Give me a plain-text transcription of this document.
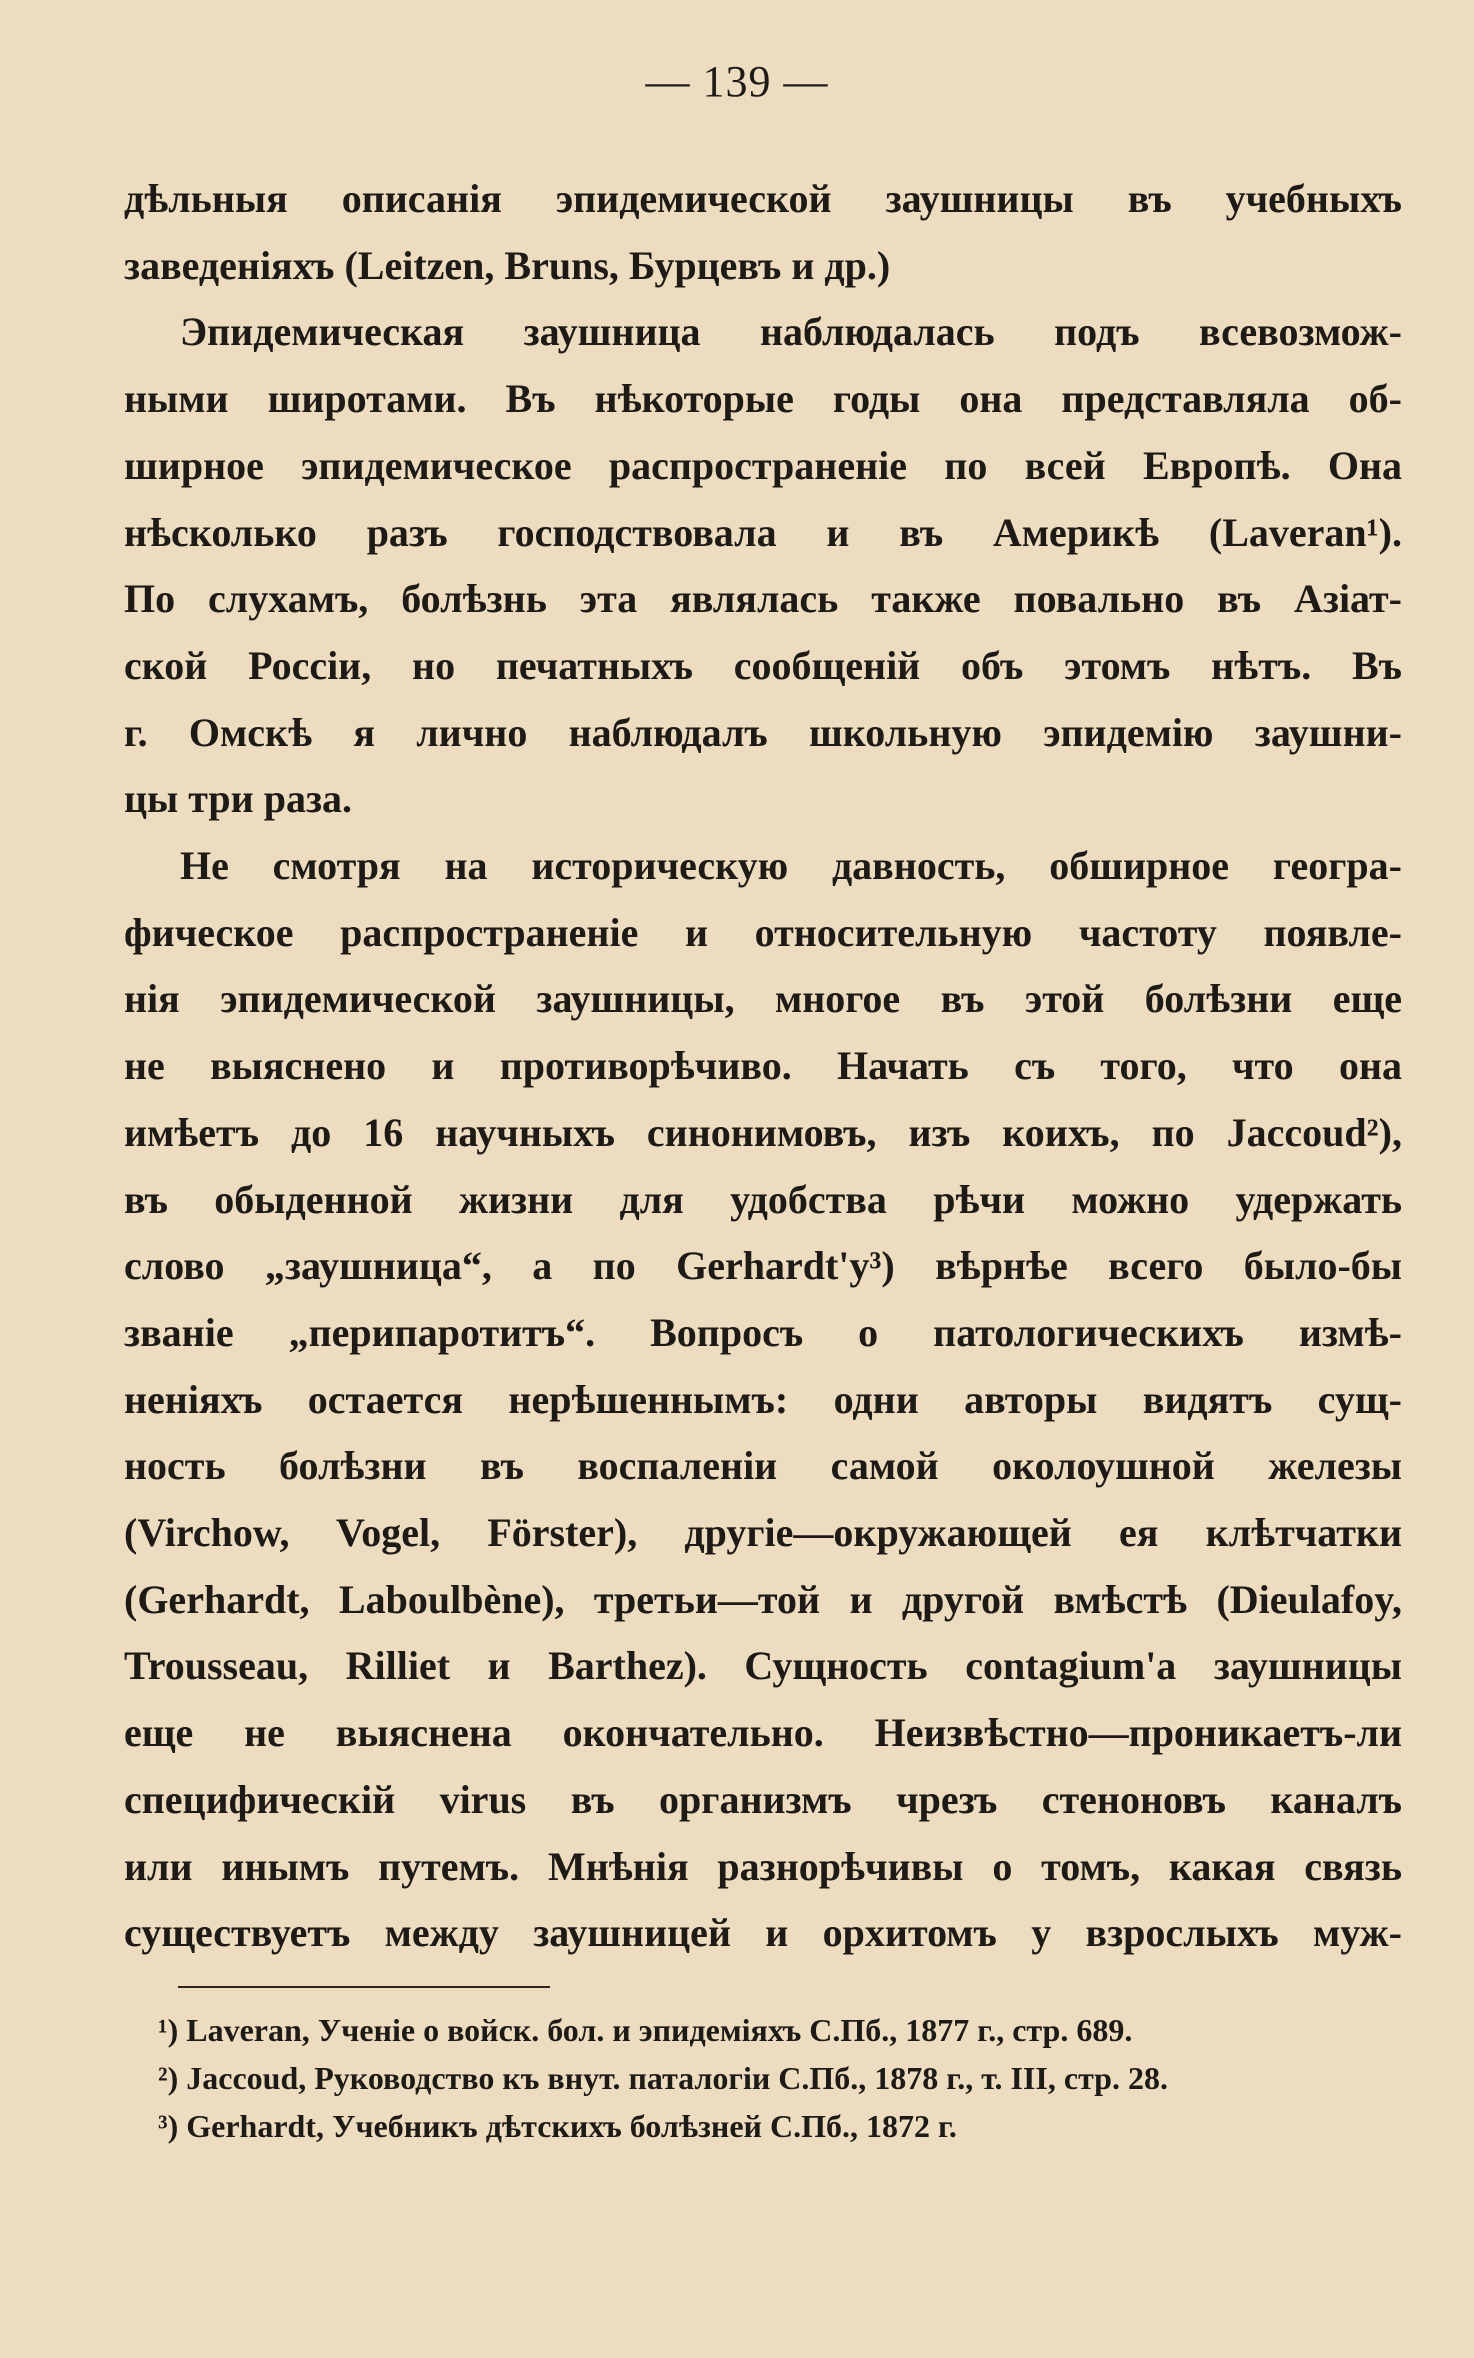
— 139 —
дѣльныя описанія эпидемической заушницы въ учебныхъ
заведеніяхъ (Leitzen, Bruns, Бурцевъ и др.)
Эпидемическая заушница наблюдалась подъ всевозмож-
ными широтами. Въ нѣкоторые годы она представляла об-
ширное эпидемическое распространеніе по всей Европѣ. Она
нѣсколько разъ господствовала и въ Америкѣ (Laveran¹).
По слухамъ, болѣзнь эта являлась также повально въ Азіат-
ской Россіи, но печатныхъ сообщеній объ этомъ нѣтъ. Въ
г. Омскѣ я лично наблюдалъ школьную эпидемію заушни-
цы три раза.
Не смотря на историческую давность, обширное геогра-
фическое распространеніе и относительную частоту появле-
нія эпидемической заушницы, многое въ этой болѣзни еще
не выяснено и противорѣчиво. Начать съ того, что она
имѣетъ до 16 научныхъ синонимовъ, изъ коихъ, по Jaccoud²),
въ обыденной жизни для удобства рѣчи можно удержать
слово „заушница“, а по Gerhardt'у³) вѣрнѣе всего было-бы
званіе „перипаротитъ“. Вопросъ о патологическихъ измѣ-
неніяхъ остается нерѣшеннымъ: одни авторы видятъ сущ-
ность болѣзни въ воспаленіи самой околоушной железы
(Virchow, Vogel, Förster), другіе—окружающей ея клѣтчатки
(Gerhardt, Laboulbène), третьи—той и другой вмѣстѣ (Dieulafoy,
Trousseau, Rilliet и Barthez). Сущность contagium'а заушницы
еще не выяснена окончательно. Неизвѣстно—проникаетъ-ли
специфическій virus въ организмъ чрезъ стеноновъ каналъ
или инымъ путемъ. Мнѣнія разнорѣчивы о томъ, какая связь
существуетъ между заушницей и орхитомъ у взрослыхъ муж-
¹) Laveran, Ученіе о войск. бол. и эпидеміяхъ С.Пб., 1877 г., стр. 689.
²) Jaccoud, Руководство къ внут. паталогіи С.Пб., 1878 г., т. III, стр. 28.
³) Gerhardt, Учебникъ дѣтскихъ болѣзней С.Пб., 1872 г.
